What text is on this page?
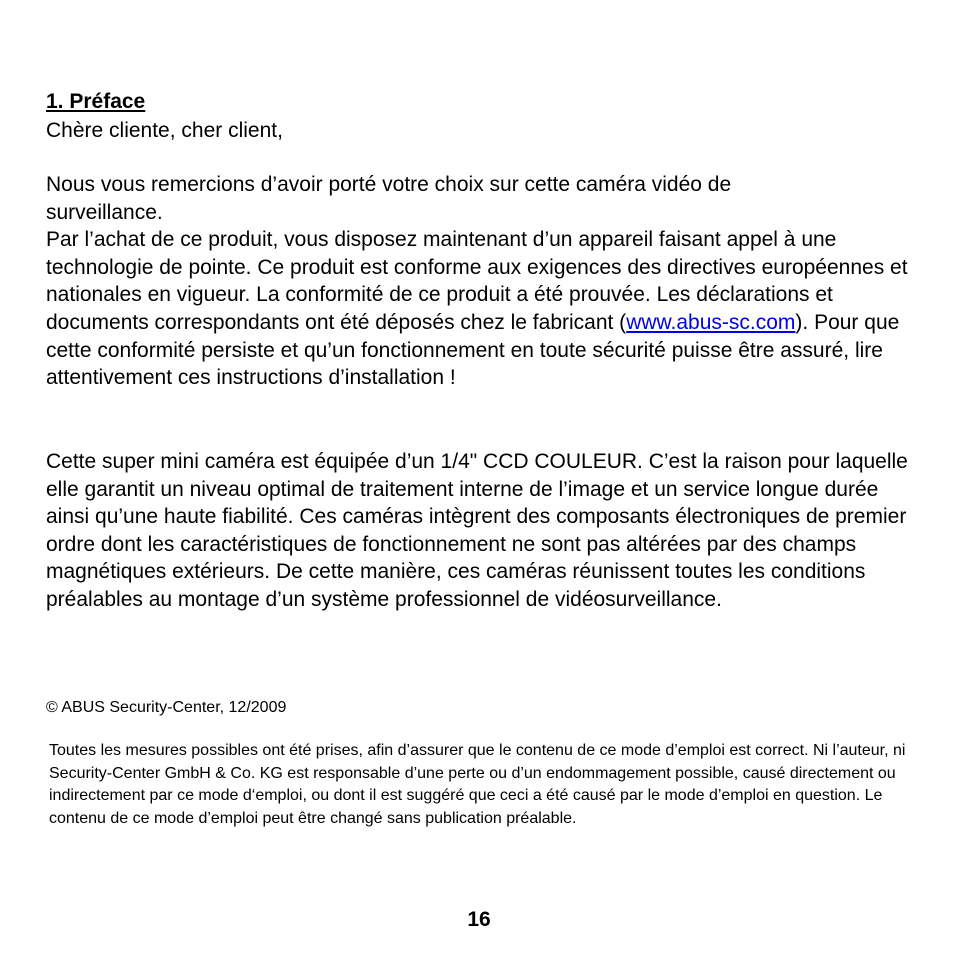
1. Préface

Chère cliente, cher client,

Nous vous remercions d’avoir porté votre choix sur cette caméra vidéo de
surveillance.
Par l’achat de ce produit, vous disposez maintenant d’un appareil faisant appel à une technologie de pointe. Ce produit est conforme aux exigences des directives européennes et nationales en vigueur. La conformité de ce produit a été prouvée. Les déclarations et documents correspondants ont été déposés chez le fabricant (www.abus-sc.com). Pour que cette conformité persiste et qu’un fonctionnement en toute sécurité puisse être assuré, lire attentivement ces instructions d’installation !

Cette super mini caméra est équipée d’un 1/4" CCD COULEUR. C’est la raison pour laquelle elle garantit un niveau optimal de traitement interne de l’image et un service longue durée ainsi qu’une haute fiabilité. Ces caméras intègrent des composants électroniques de premier ordre dont les caractéristiques de fonctionnement ne sont pas altérées par des champs magnétiques extérieurs. De cette manière, ces caméras réunissent toutes les conditions préalables au montage d’un système professionnel de vidéosurveillance.

© ABUS Security-Center, 12/2009

Toutes les mesures possibles ont été prises, afin d’assurer que le contenu de ce mode d’emploi est correct. Ni l’auteur, ni Security-Center GmbH & Co. KG est responsable d’une perte ou d’un endommagement possible, causé directement ou indirectement par ce mode d‘emploi, ou dont il est suggéré que ceci a été causé par le mode d’emploi en question. Le contenu de ce mode d’emploi peut être changé sans publication préalable.

16
